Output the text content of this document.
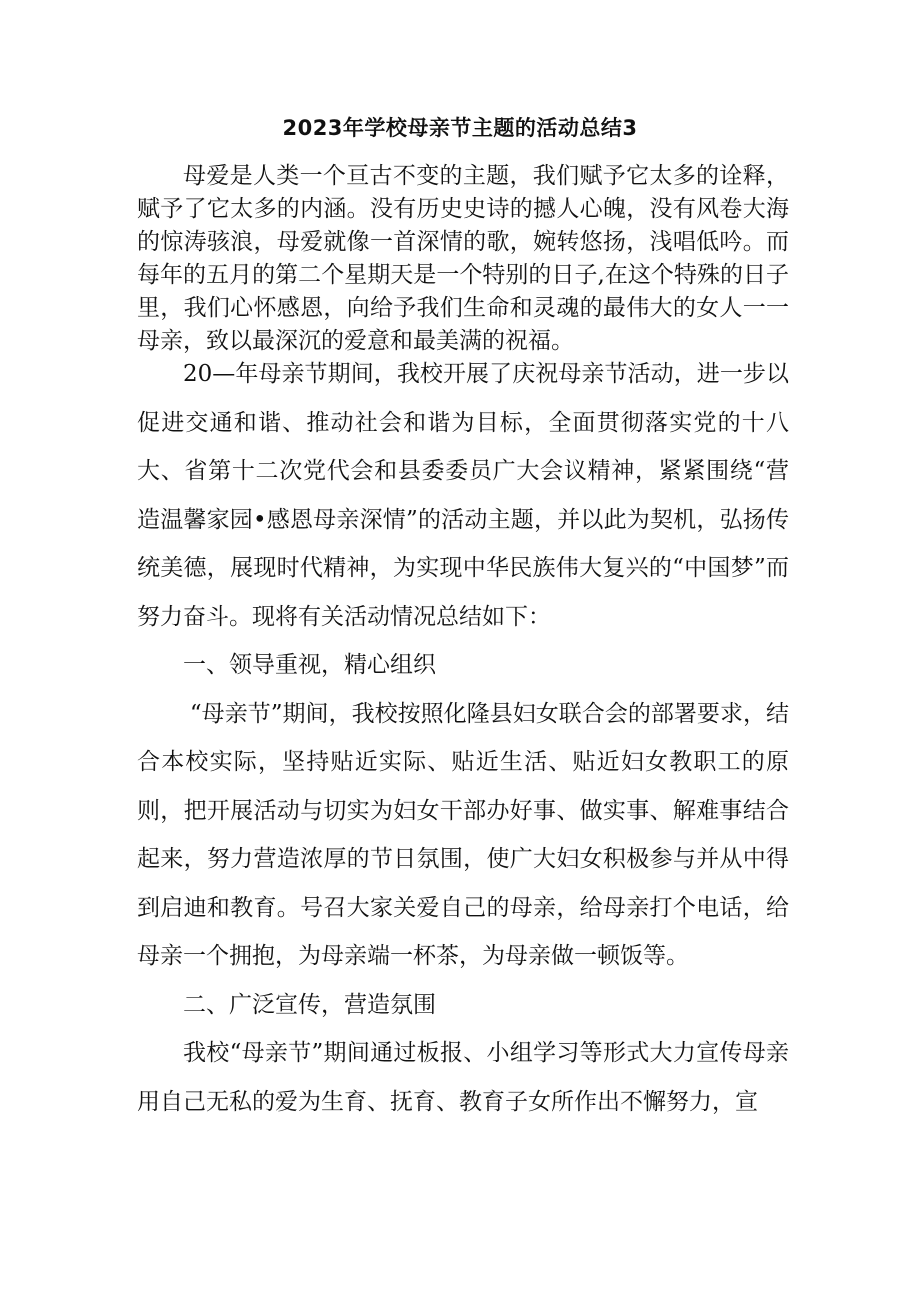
2023年学校母亲节主题的活动总结3

母爱是人类一个亘古不变的主题，我们赋予它太多的诠释，赋予了它太多的内涵。没有历史史诗的撼人心魄，没有风卷大海的惊涛骇浪，母爱就像一首深情的歌，婉转悠扬，浅唱低吟。而每年的五月的第二个星期天是一个特别的日子,在这个特殊的日子里，我们心怀感恩，向给予我们生命和灵魂的最伟大的女人一一母亲，致以最深沉的爱意和最美满的祝福。

20—年母亲节期间，我校开展了庆祝母亲节活动，进一步以促进交通和谐、推动社会和谐为目标，全面贯彻落实党的十八大、省第十二次党代会和县委委员广大会议精神，紧紧围绕“营造温馨家园•感恩母亲深情”的活动主题，并以此为契机，弘扬传统美德，展现时代精神，为实现中华民族伟大复兴的“中国梦”而努力奋斗。现将有关活动情况总结如下：

一、领导重视，精心组织

“母亲节”期间，我校按照化隆县妇女联合会的部署要求，结合本校实际，坚持贴近实际、贴近生活、贴近妇女教职工的原则，把开展活动与切实为妇女干部办好事、做实事、解难事结合起来，努力营造浓厚的节日氛围，使广大妇女积极参与并从中得到启迪和教育。号召大家关爱自己的母亲，给母亲打个电话，给母亲一个拥抱，为母亲端一杯茶，为母亲做一顿饭等。

二、广泛宣传，营造氛围

我校“母亲节”期间通过板报、小组学习等形式大力宣传母亲用自己无私的爱为生育、抚育、教育子女所作出不懈努力，宣
